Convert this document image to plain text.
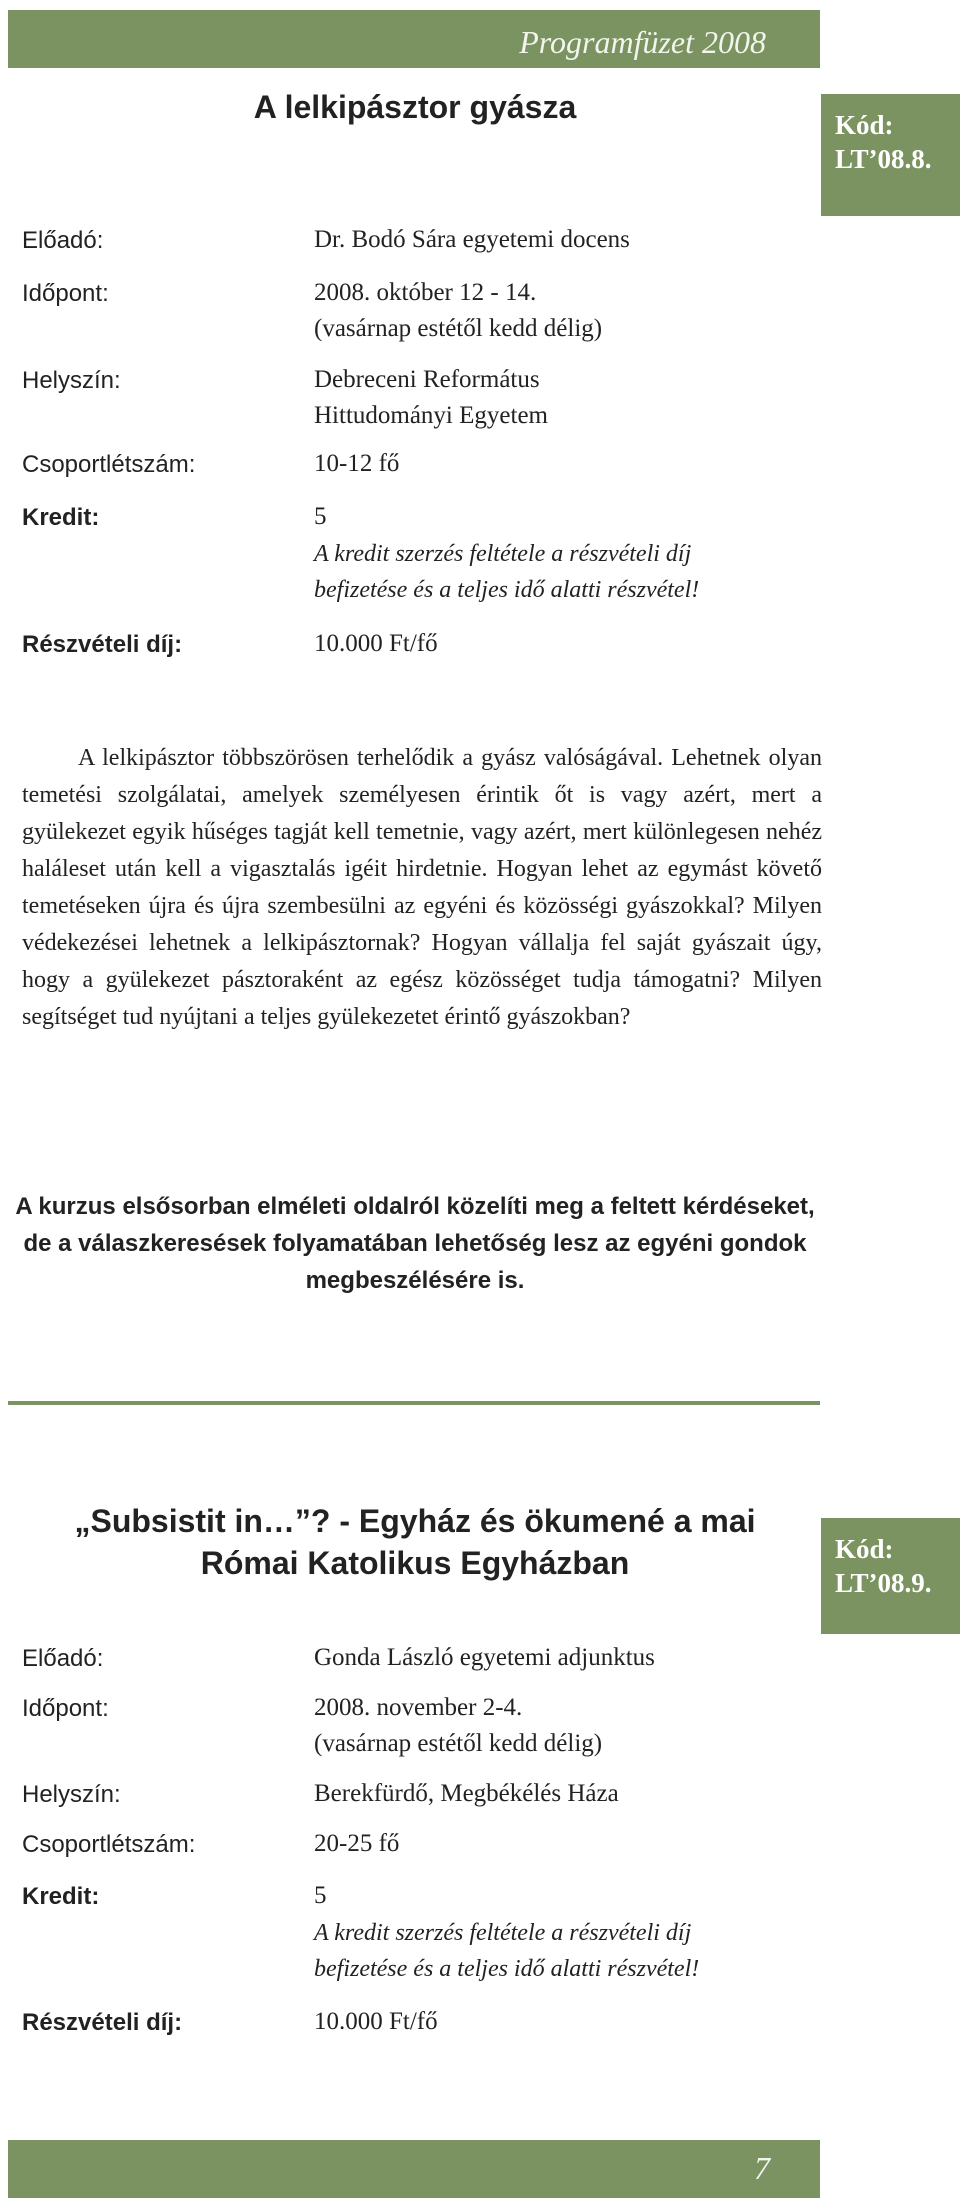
Programfüzet 2008
A lelkipásztor gyásza	Kód:
LT’08.8.
Előadó:	Dr. Bodó Sára egyetemi docens
Időpont:	2008. október 12 - 14.
(vasárnap estétől kedd délig)
Helyszín:	Debreceni Református
Hittudományi Egyetem
Csoportlétszám:	10-12 fő
Kredit:	5
A kredit szerzés feltétele a részvételi díj befizetése és a teljes idő alatti részvétel!
Részvételi díj:	10.000 Ft/fő

A lelkipásztor többszörösen terhelődik a gyász valóságával. Lehetnek olyan temetési szolgálatai, amelyek személyesen érintik őt is vagy azért, mert a gyülekezet egyik hűséges tagját kell temetnie, vagy azért, mert különlegesen nehéz haláleset után kell a vigasztalás igéit hirdetnie. Hogyan lehet az egymást követő temetéseken újra és újra szembesülni az egyéni és közösségi gyászokkal? Milyen védekezései lehetnek a lelkipásztornak? Hogyan vállalja fel saját gyászait úgy, hogy a gyülekezet pásztoraként az egész közösséget tudja támogatni? Milyen segítséget tud nyújtani a teljes gyülekezetet érintő gyászokban?

A kurzus elsősorban elméleti oldalról közelíti meg a feltett kérdéseket, de a válaszkeresések folyamatában lehetőség lesz az egyéni gondok megbeszélésére is.

„Subsistit in…”? - Egyház és ökumené a mai
Római Katolikus Egyházban	Kód:
LT’08.9.
Előadó:	Gonda László egyetemi adjunktus
Időpont:	2008. november 2-4.
(vasárnap estétől kedd délig)
Helyszín:	Berekfürdő, Megbékélés Háza
Csoportlétszám:	20-25 fő
Kredit:	5
A kredit szerzés feltétele a részvételi díj befizetése és a teljes idő alatti részvétel!
Részvételi díj:	10.000 Ft/fő
7
